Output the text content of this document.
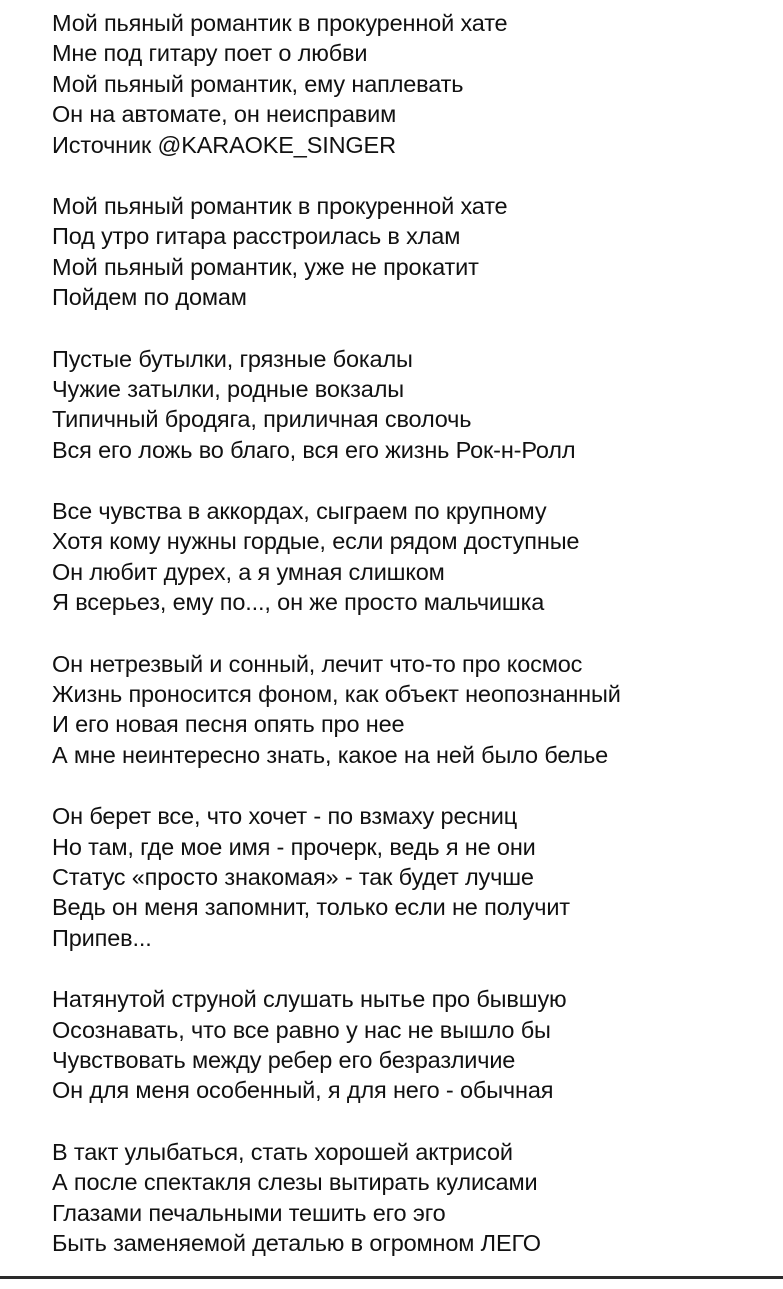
Мой пьяный романтик в прокуренной хате
Мне под гитару поет о любви
Мой пьяный романтик, ему наплевать
Он на автомате, он неисправим
Источник @KARAOKE_SINGER
Мой пьяный романтик в прокуренной хате
Под утро гитара расстроилась в хлам
Мой пьяный романтик, уже не прокатит
Пойдем по домам
Пустые бутылки, грязные бокалы
Чужие затылки, родные вокзалы
Типичный бродяга, приличная сволочь
Вся его ложь во благо, вся его жизнь Рок-н-Ролл
Все чувства в аккордах, сыграем по крупному
Хотя кому нужны гордые, если рядом доступные
Он любит дурех, а я умная слишком
Я всерьез, ему по..., он же просто мальчишка
Он нетрезвый и сонный, лечит что-то про космос
Жизнь проносится фоном, как объект неопознанный
И его новая песня опять про нее
А мне неинтересно знать, какое на ней было белье
Он берет все, что хочет - по взмаху ресниц
Но там, где мое имя - прочерк, ведь я не они
Статус «просто знакомая» - так будет лучше
Ведь он меня запомнит, только если не получит
Припев...
Натянутой струной слушать нытье про бывшую
Осознавать, что все равно у нас не вышло бы
Чувствовать между ребер его безразличие
Он для меня особенный, я для него - обычная
В такт улыбаться, стать хорошей актрисой
А после спектакля слезы вытирать кулисами
Глазами печальными тешить его эго
Быть заменяемой деталью в огромном ЛЕГО
